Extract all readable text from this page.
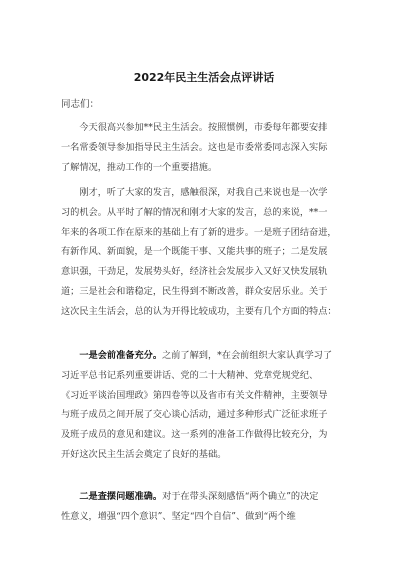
2022年民主生活会点评讲话
同志们：
　　今天很高兴参加**民主生活会。按照惯例，市委每年都要安排
一名常委领导参加指导民主生活会。这也是市委常委同志深入实际
了解情况，推动工作的一个重要措施。
　　刚才，听了大家的发言，感触很深，对我自己来说也是一次学
习的机会。从平时了解的情况和刚才大家的发言，总的来说，**一
年来的各项工作在原来的基础上有了新的进步。一是班子团结奋进，
有新作风、新面貌，是一个既能干事、又能共事的班子；二是发展
意识强，干劲足，发展势头好，经济社会发展步入又好又快发展轨
道；三是社会和谐稳定，民生得到不断改善，群众安居乐业。关于
这次民主生活会，总的认为开得比较成功，主要有几个方面的特点：
　　一是会前准备充分。之前了解到，*在会前组织大家认真学习了
习近平总书记系列重要讲话、党的二十大精神、党章党规党纪、
《习近平谈治国理政》第四卷等以及省市有关文件精神，主要领导
与班子成员之间开展了交心谈心活动，通过多种形式广泛征求班子
及班子成员的意见和建议。这一系列的准备工作做得比较充分，为
开好这次民主生活会奠定了良好的基础。
　　二是查摆问题准确。对于在带头深刻感悟“两个确立”的决定
性意义，增强“四个意识”、坚定“四个自信”、做到“两个维
